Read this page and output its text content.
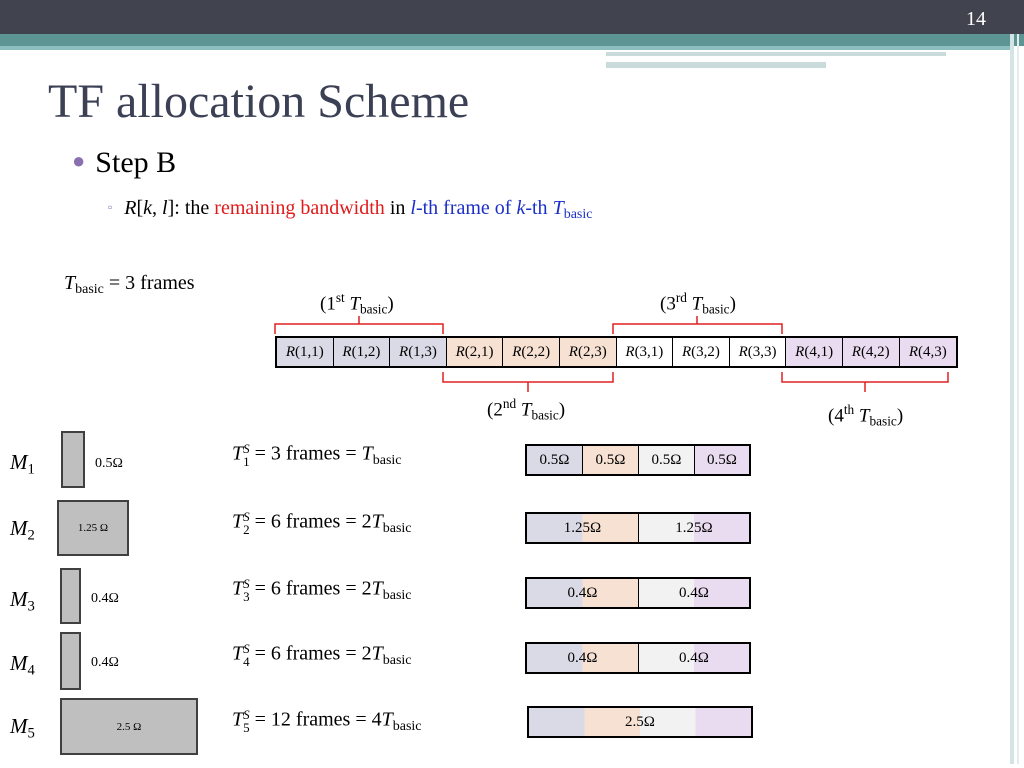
14
TF allocation Scheme
● Step B
▫ R[k, l]: the remaining bandwidth in l-th frame of k-th $T_{basic}$
$T_{basic} = 3$ frames
(1st $T_{basic}$)
(2nd $T_{basic}$)
(3rd $T_{basic}$)
(4th $T_{basic}$)
R(1,1)	R(1,2)	R(1,3)	R(2,1)	R(2,2)	R(2,3)	R(3,1)	R(3,2)	R(3,3)	R(4,1)	R(4,2)	R(4,3)
$M_1$	0.5Ω
$M_2$	1.25 Ω
$M_3$	0.4Ω
$M_4$	0.4Ω
$M_5$	2.5 Ω
T S
1 = 3 frames = $T_{basic}$
T S
2 = 6 frames = $2T_{basic}$
T S
3 = 6 frames = $2T_{basic}$
T S
4 = 6 frames = $2T_{basic}$
T S
5 = 12 frames = $4T_{basic}$
0.5Ω	0.5Ω	0.5Ω	0.5Ω
1.25Ω	1.25Ω
0.4Ω	0.4Ω
0.4Ω	0.4Ω
2.5Ω
